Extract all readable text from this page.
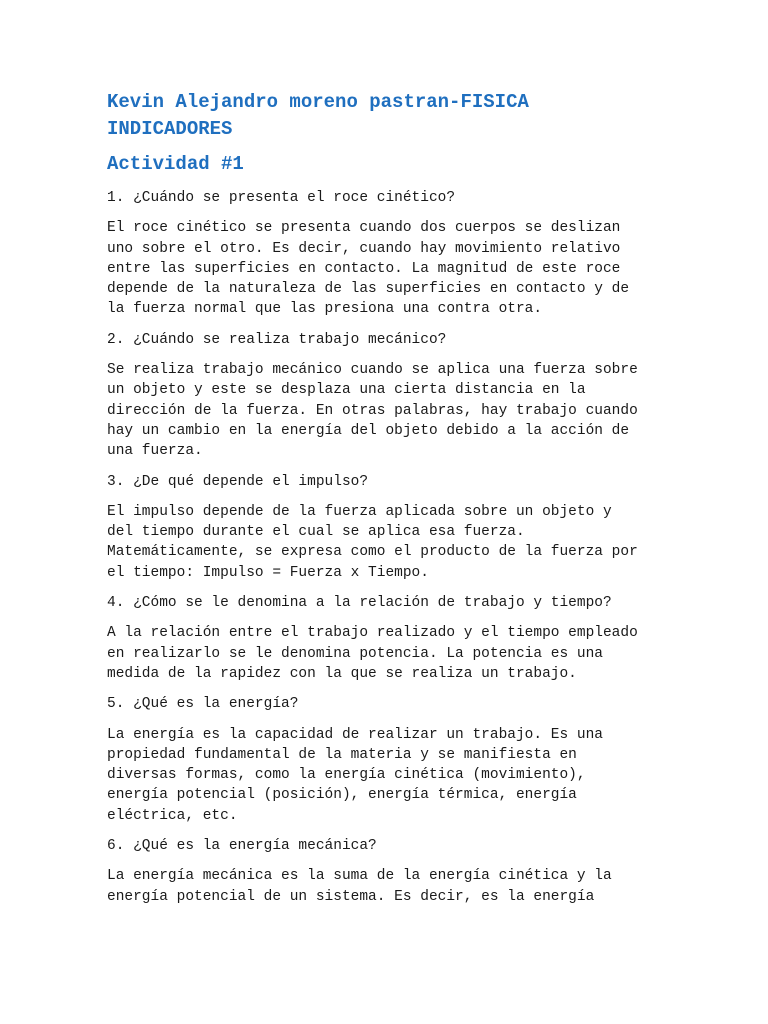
Kevin Alejandro moreno pastran-FISICA
INDICADORES
Actividad #1

1. ¿Cuándo se presenta el roce cinético?

El roce cinético se presenta cuando dos cuerpos se deslizan
uno sobre el otro. Es decir, cuando hay movimiento relativo
entre las superficies en contacto. La magnitud de este roce
depende de la naturaleza de las superficies en contacto y de
la fuerza normal que las presiona una contra otra.

2. ¿Cuándo se realiza trabajo mecánico?

Se realiza trabajo mecánico cuando se aplica una fuerza sobre
un objeto y este se desplaza una cierta distancia en la
dirección de la fuerza. En otras palabras, hay trabajo cuando
hay un cambio en la energía del objeto debido a la acción de
una fuerza.

3. ¿De qué depende el impulso?

El impulso depende de la fuerza aplicada sobre un objeto y
del tiempo durante el cual se aplica esa fuerza.
Matemáticamente, se expresa como el producto de la fuerza por
el tiempo: Impulso = Fuerza x Tiempo.

4. ¿Cómo se le denomina a la relación de trabajo y tiempo?

A la relación entre el trabajo realizado y el tiempo empleado
en realizarlo se le denomina potencia. La potencia es una
medida de la rapidez con la que se realiza un trabajo.

5. ¿Qué es la energía?

La energía es la capacidad de realizar un trabajo. Es una
propiedad fundamental de la materia y se manifiesta en
diversas formas, como la energía cinética (movimiento),
energía potencial (posición), energía térmica, energía
eléctrica, etc.

6. ¿Qué es la energía mecánica?

La energía mecánica es la suma de la energía cinética y la
energía potencial de un sistema. Es decir, es la energía
